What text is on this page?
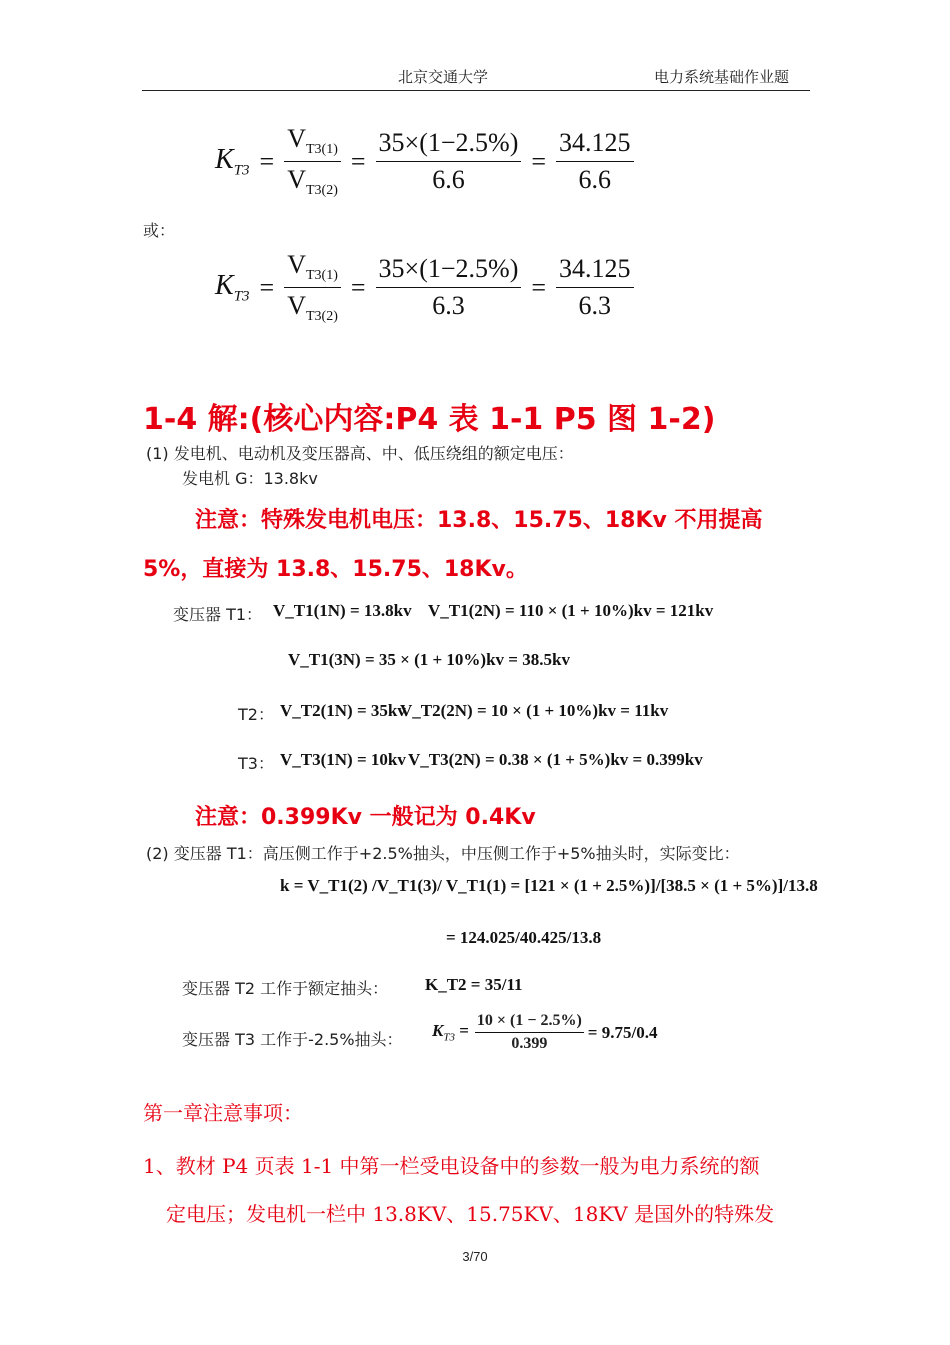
北京交通大学	电力系统基础作业题
$K_{T3} = \frac{V_{T3(1)}}{V_{T3(2)}} = \frac{35\times(1-2.5\%)}{6.6} = \frac{34.125}{6.6}$
或：
$K_{T3} = \frac{V_{T3(1)}}{V_{T3(2)}} = \frac{35\times(1-2.5\%)}{6.3} = \frac{34.125}{6.3}$
1-4 解:(核心内容:P4 表 1-1 P5 图 1-2)
(1) 发电机、电动机及变压器高、中、低压绕组的额定电压：
发电机 G：13.8kv
注意：特殊发电机电压：13.8、15.75、18Kv 不用提高
5%，直接为 13.8、15.75、18Kv。
变压器 T1： V_T1(1N) = 13.8kv V_T1(2N) = 110 × (1 + 10%)kv = 121kv
V_T1(3N) = 35 × (1 + 10%)kv = 38.5kv
T2： V_T2(1N) = 35kv
V_T2(2N) = 10 × (1 + 10%)kv = 11kv
T3： V_T3(1N) = 10kv V_T3(2N) = 0.38 × (1 + 5%)kv = 0.399kv
注意：0.399Kv 一般记为 0.4Kv
(2) 变压器 T1：高压侧工作于+2.5%抽头，中压侧工作于+5%抽头时，实际变比：
k = V_T1(2) /V_T1(3)/ V_T1(1) = [121 × (1 + 2.5%)]/[38.5 × (1 + 5%)]/13.8
= 124.025/40.425/13.8
变压器 T2 工作于额定抽头： K_T2 = 35/11
变压器 T3 工作于-2.5%抽头： $K_{T3} = \frac{10 \times (1 - 2.5\%)}{0.399} = 9.75/0.4$
第一章注意事项：
1、教材 P4 页表 1-1 中第一栏受电设备中的参数一般为电力系统的额
定电压；发电机一栏中 13.8KV、15.75KV、18KV 是国外的特殊发
3/70
